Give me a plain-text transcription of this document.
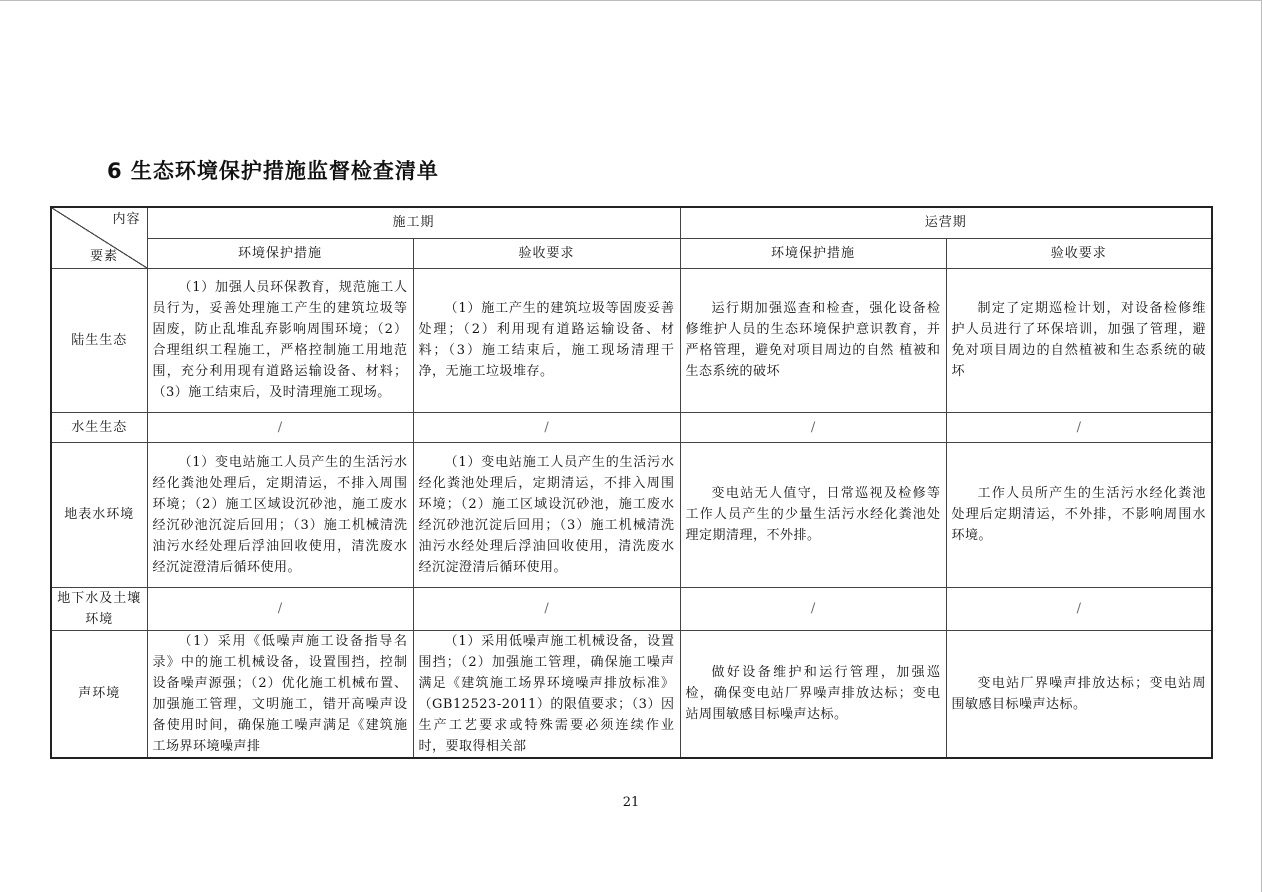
6 生态环境保护措施监督检查清单
内容
要素	施工期		运营期	
	环境保护措施	验收要求	环境保护措施	验收要求
陆生生态	（1）加强人员环保教育，规范施工人员行为，妥善处理施工产生的建筑垃圾等固废，防止乱堆乱弃影响周围环境；（2）合理组织工程施工，严格控制施工用地范围，充分利用现有道路运输设备、材料；（3）施工结束后，及时清理施工现场。	（1）施工产生的建筑垃圾等固废妥善处理；（2）利用现有道路运输设备、材料；（3）施工结束后，施工现场清理干净，无施工垃圾堆存。	运行期加强巡查和检查，强化设备检修维护人员的生态环境保护意识教育，并严格管理，避免对项目周边的自然 植被和生态系统的破坏	制定了定期巡检计划，对设备检修维护人员进行了环保培训，加强了管理，避免对项目周边的自然植被和生态系统的破坏
水生生态	/	/	/	/
地表水环境	（1）变电站施工人员产生的生活污水经化粪池处理后，定期清运，不排入周围环境；（2）施工区域设沉砂池，施工废水经沉砂池沉淀后回用；（3）施工机械清洗油污水经处理后浮油回收使用，清洗废水经沉淀澄清后循环使用。	（1）变电站施工人员产生的生活污水经化粪池处理后，定期清运，不排入周围环境；（2）施工区域设沉砂池，施工废水经沉砂池沉淀后回用；（3）施工机械清洗油污水经处理后浮油回收使用，清洗废水经沉淀澄清后循环使用。	变电站无人值守，日常巡视及检修等工作人员产生的少量生活污水经化粪池处理定期清理，不外排。	工作人员所产生的生活污水经化粪池处理后定期清运，不外排，不影响周围水环境。
地下水及土壤环境	/	/	/	/
声环境	（1）采用《低噪声施工设备指导名录》中的施工机械设备，设置围挡，控制设备噪声源强；（2）优化施工机械布置、加强施工管理，文明施工，错开高噪声设备使用时间，确保施工噪声满足《建筑施工场界环境噪声排	（1）采用低噪声施工机械设备，设置围挡；（2）加强施工管理，确保施工噪声满足《建筑施工场界环境噪声排放标准》（GB12523-2011）的限值要求；（3）因生产工艺要求或特殊需要必须连续作业时，要取得相关部	做好设备维护和运行管理，加强巡检，确保变电站厂界噪声排放达标；变电站周围敏感目标噪声达标。	变电站厂界噪声排放达标；变电站周围敏感目标噪声达标。
21
